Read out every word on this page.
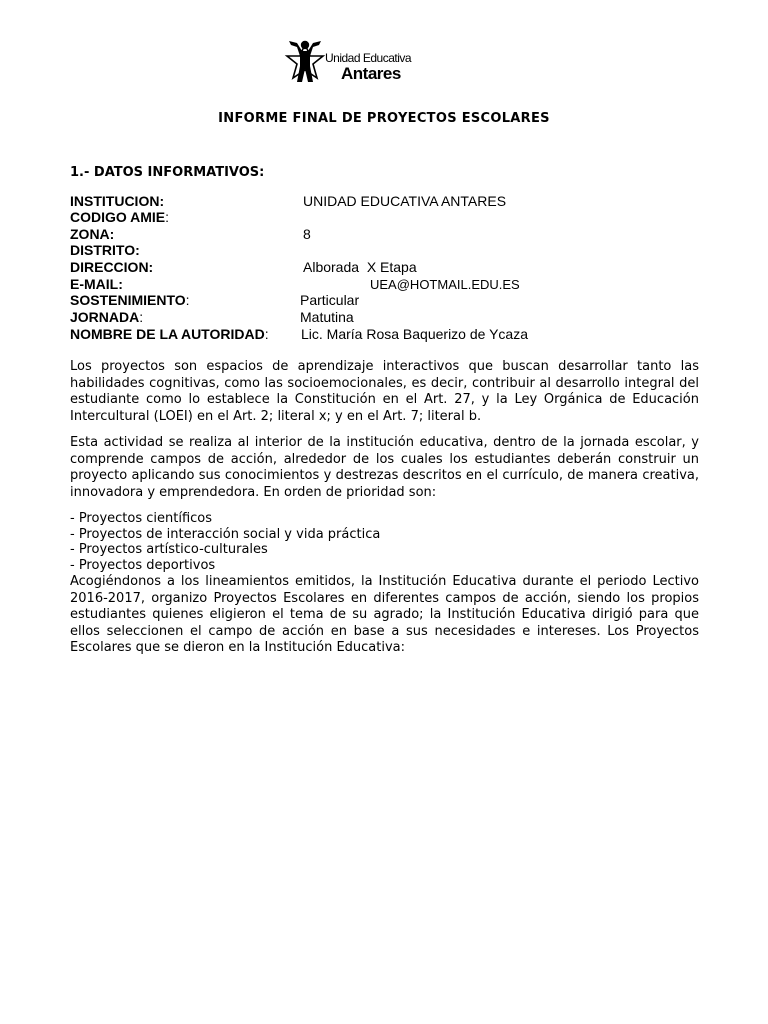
Unidad Educativa
Antares
INFORME FINAL DE PROYECTOS ESCOLARES
1.- DATOS INFORMATIVOS:
INSTITUCION:	UNIDAD EDUCATIVA ANTARES
CODIGO AMIE:
ZONA:	8
DISTRITO:
DIRECCION:	Alborada  X Etapa
E-MAIL:	UEA@HOTMAIL.EDU.ES
SOSTENIMIENTO:	Particular
JORNADA:	Matutina
NOMBRE DE LA AUTORIDAD: Lic. María Rosa Baquerizo de Ycaza
Los proyectos son espacios de aprendizaje interactivos que buscan desarrollar tanto las habilidades cognitivas, como las socioemocionales, es decir, contribuir al desarrollo integral del estudiante como lo establece la Constitución en el Art. 27, y la Ley Orgánica de Educación Intercultural (LOEI) en el Art. 2; literal x; y en el Art. 7; literal b.
Esta actividad se realiza al interior de la institución educativa, dentro de la jornada escolar, y comprende campos de acción, alrededor de los cuales los estudiantes deberán construir un proyecto aplicando sus conocimientos y destrezas descritos en el currículo, de manera creativa, innovadora y emprendedora. En orden de prioridad son:
- Proyectos científicos
- Proyectos de interacción social y vida práctica
- Proyectos artístico-culturales
- Proyectos deportivos
Acogiéndonos a los lineamientos emitidos, la Institución Educativa durante el periodo Lectivo 2016-2017, organizo Proyectos Escolares en diferentes campos de acción, siendo los propios estudiantes quienes eligieron el tema de su agrado; la Institución Educativa dirigió para que ellos seleccionen el campo de acción en base a sus necesidades e intereses. Los Proyectos Escolares que se dieron en la Institución Educativa:
